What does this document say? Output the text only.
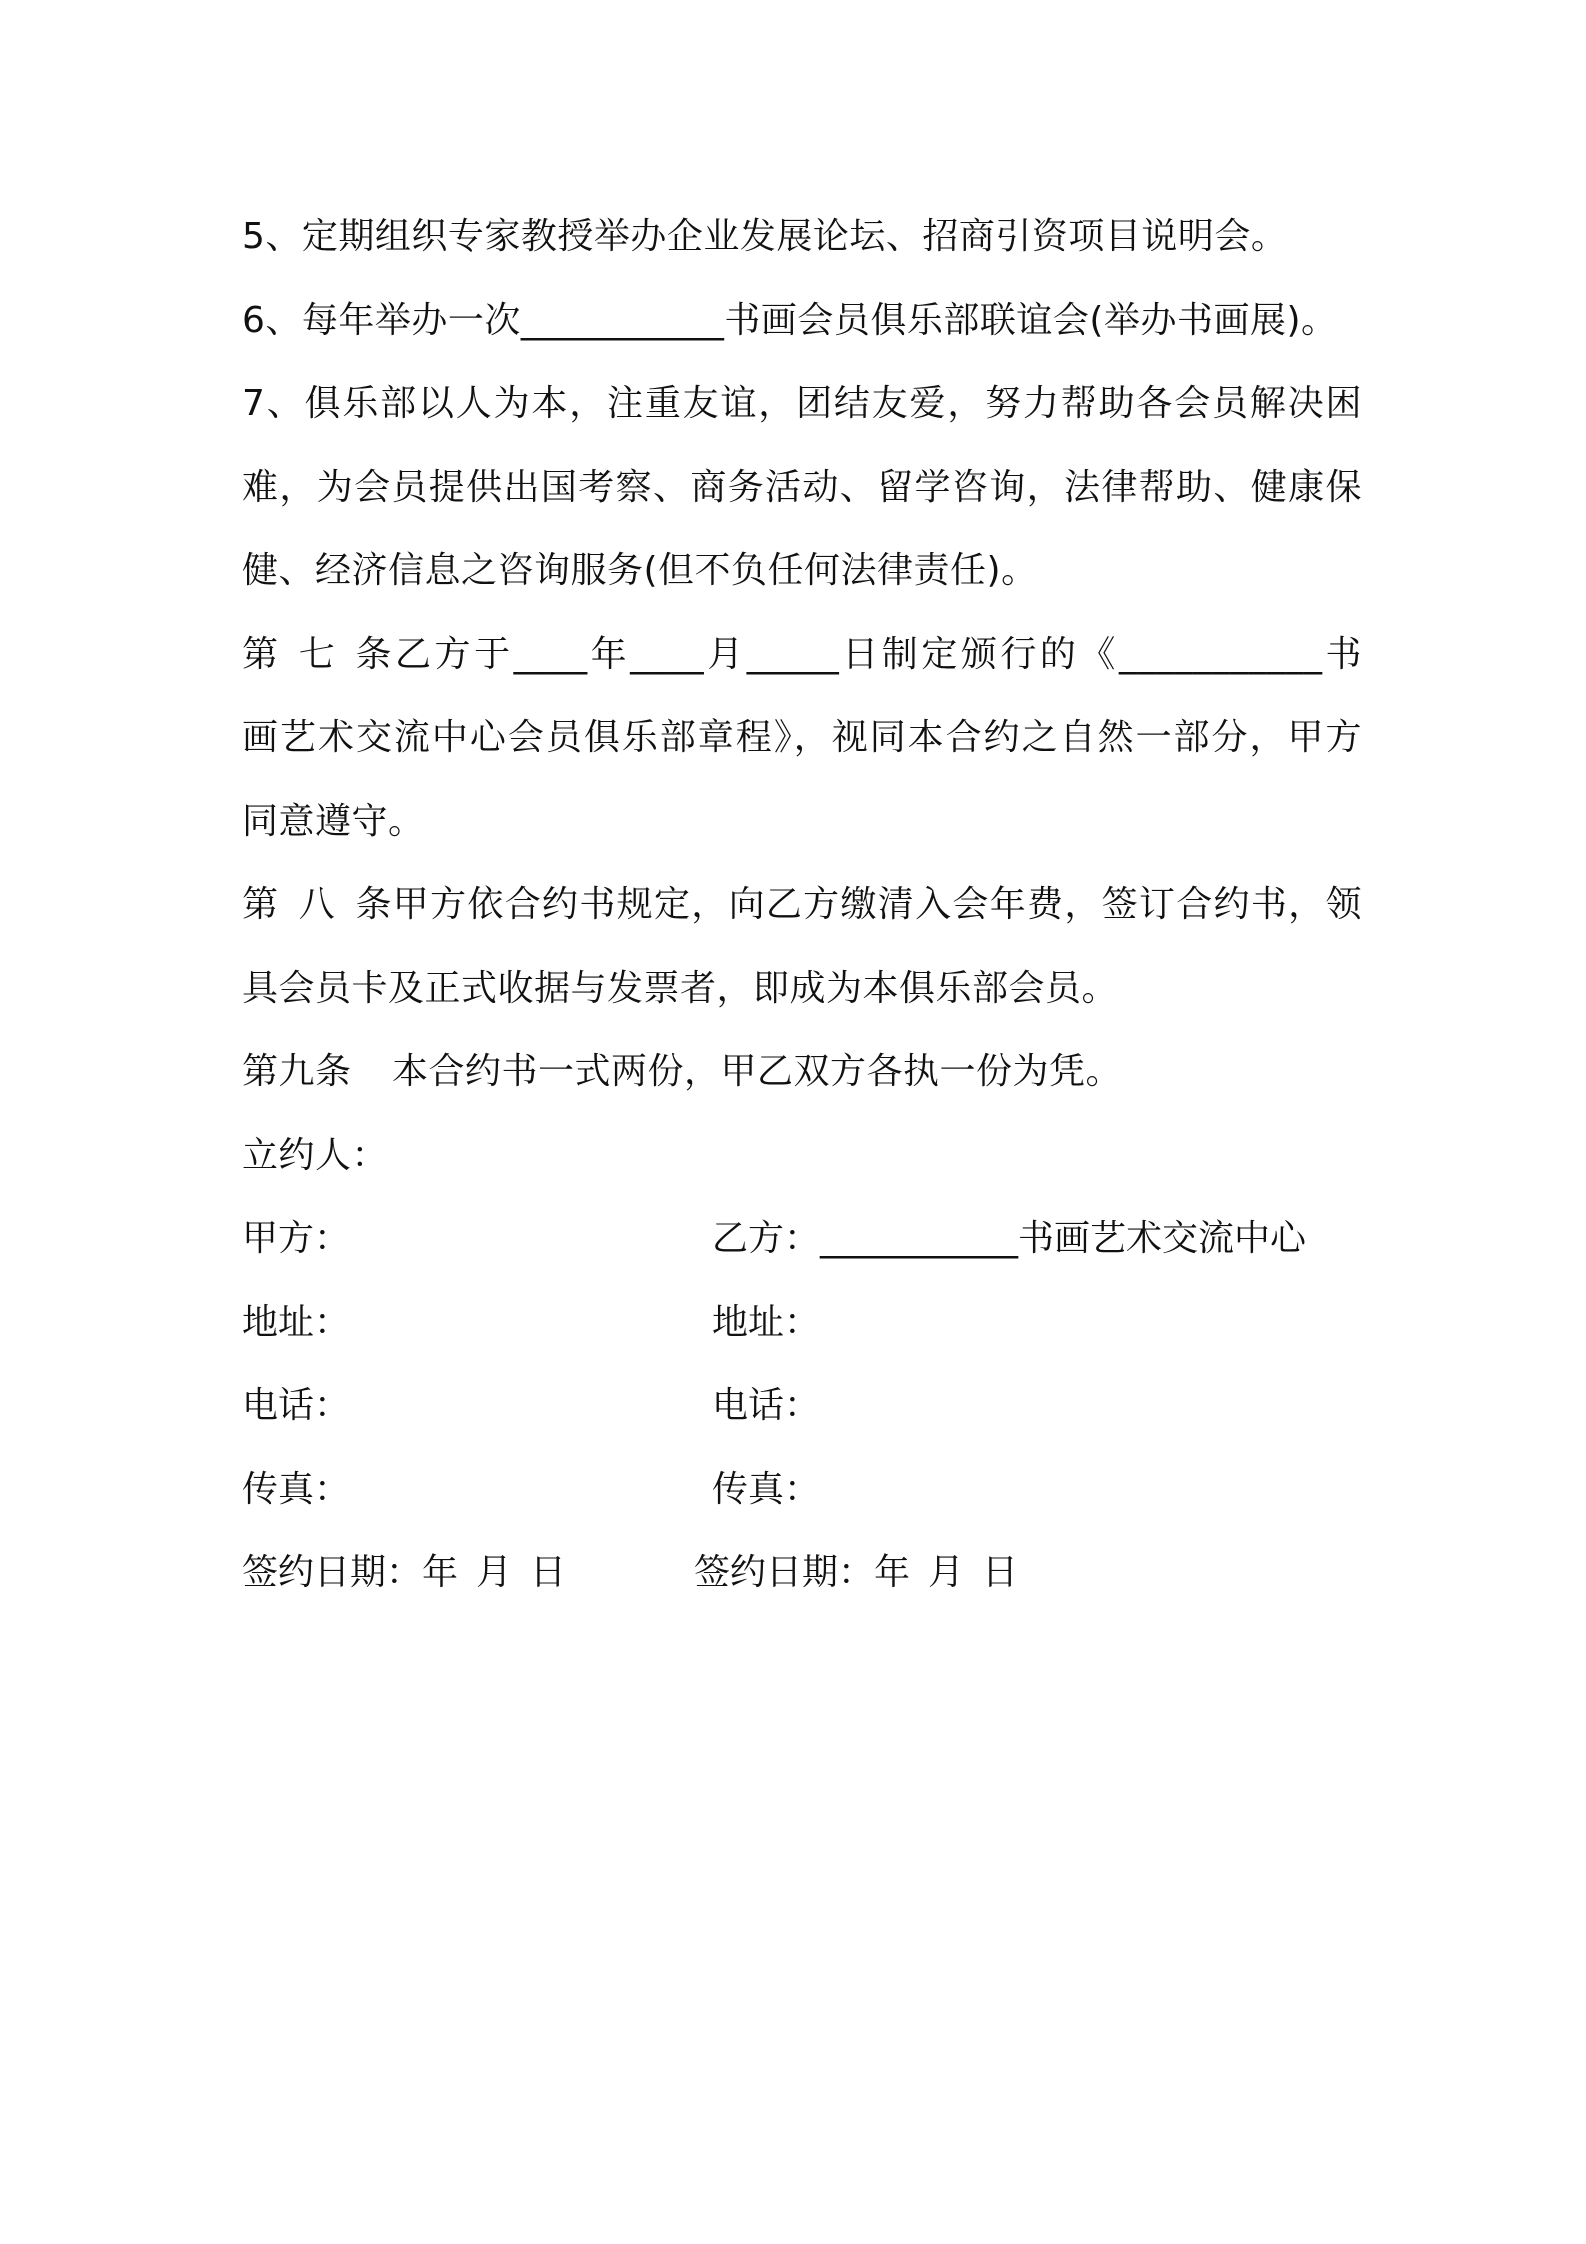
5、定期组织专家教授举办企业发展论坛、招商引资项目说明会。
6、每年举办一次___________书画会员俱乐部联谊会(举办书画展)。
7、俱乐部以人为本，注重友谊，团结友爱，努力帮助各会员解决困
难，为会员提供出国考察、商务活动、留学咨询，法律帮助、健康保
健、经济信息之咨询服务(但不负任何法律责任)。
第七条乙方于____年____月_____日制定颁行的《___________书
画艺术交流中心会员俱乐部章程》，视同本合约之自然一部分，甲方
同意遵守。
第八条甲方依合约书规定，向乙方缴清入会年费，签订合约书，领
具会员卡及正式收据与发票者，即成为本俱乐部会员。
第九条 本合约书一式两份，甲乙双方各执一份为凭。
立约人：
甲方：	乙方：___________书画艺术交流中心
地址：	地址：
电话：	电话：
传真：	传真：
签约日期：年 月 日	签约日期：年 月 日
